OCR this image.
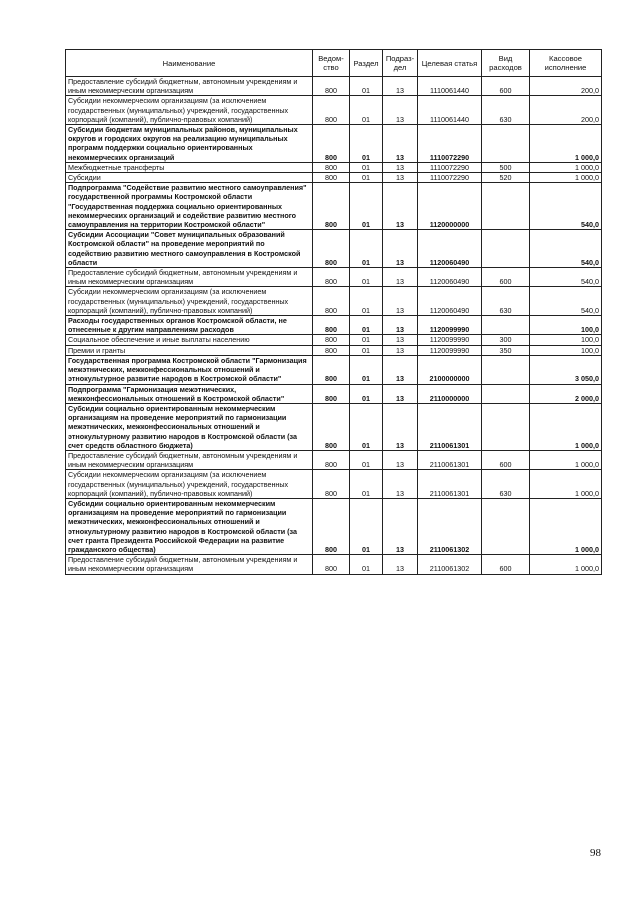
Наименование	Ведом-ство	Раздел	Подраз-дел	Целевая статья	Вид расходов	Кассовое исполнение
Предоставление субсидий бюджетным, автономным учреждениям и иным некоммерческим организациям	800	01	13	1110061440	600	200,0
Субсидии некоммерческим организациям (за исключением государственных (муниципальных) учреждений, государственных корпораций (компаний), публично-правовых компаний)	800	01	13	1110061440	630	200,0
Субсидии бюджетам муниципальных районов, муниципальных округов и городских округов на реализацию муниципальных программ поддержки социально ориентированных некоммерческих организаций	800	01	13	1110072290		1 000,0
Межбюджетные трансферты	800	01	13	1110072290	500	1 000,0
Субсидии	800	01	13	1110072290	520	1 000,0
Подпрограмма "Содействие развитию местного самоуправления" государственной программы Костромской области "Государственная поддержка социально ориентированных некоммерческих организаций и содействие развитию местного самоуправления на территории Костромской области"	800	01	13	1120000000		540,0
Субсидии Ассоциации "Совет муниципальных образований Костромской области" на проведение мероприятий по содействию развитию местного самоуправления в Костромской области	800	01	13	1120060490		540,0
Предоставление субсидий бюджетным, автономным учреждениям и иным некоммерческим организациям	800	01	13	1120060490	600	540,0
Субсидии некоммерческим организациям (за исключением государственных (муниципальных) учреждений, государственных корпораций (компаний), публично-правовых компаний)	800	01	13	1120060490	630	540,0
Расходы государственных органов Костромской области, не отнесенные к другим направлениям расходов	800	01	13	1120099990		100,0
Социальное обеспечение и иные выплаты населению	800	01	13	1120099990	300	100,0
Премии и гранты	800	01	13	1120099990	350	100,0
Государственная программа Костромской области "Гармонизация межэтнических, межконфессиональных отношений и этнокультурное развитие народов в Костромской области"	800	01	13	2100000000		3 050,0
Подпрограмма "Гармонизация межэтнических, межконфессиональных отношений в Костромской области"	800	01	13	2110000000		2 000,0
Субсидии социально ориентированным некоммерческим организациям на проведение мероприятий по гармонизации межэтнических, межконфессиональных отношений и этнокультурному развитию народов в Костромской области (за счет средств областного бюджета)	800	01	13	2110061301		1 000,0
Предоставление субсидий бюджетным, автономным учреждениям и иным некоммерческим организациям	800	01	13	2110061301	600	1 000,0
Субсидии некоммерческим организациям (за исключением государственных (муниципальных) учреждений, государственных корпораций (компаний), публично-правовых компаний)	800	01	13	2110061301	630	1 000,0
Субсидии социально ориентированным некоммерческим организациям на проведение мероприятий по гармонизации межэтнических, межконфессиональных отношений и этнокультурному развитию народов в Костромской области (за счет гранта Президента Российской Федерации на развитие гражданского общества)	800	01	13	2110061302		1 000,0
Предоставление субсидий бюджетным, автономным учреждениям и иным некоммерческим организациям	800	01	13	2110061302	600	1 000,0
98
